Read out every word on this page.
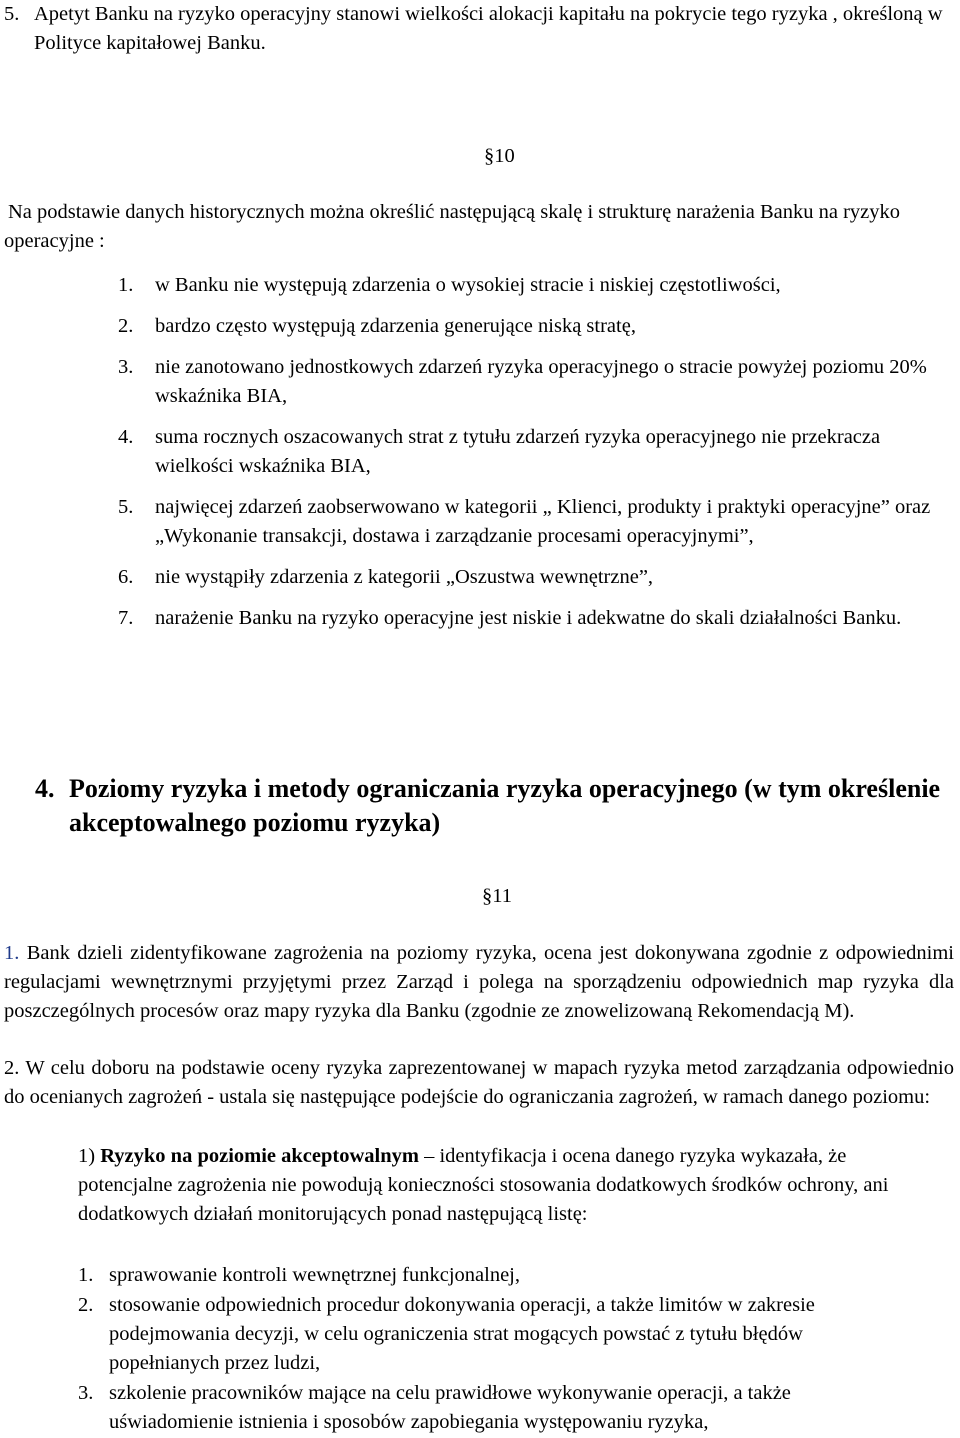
5. Apetyt Banku na ryzyko operacyjny stanowi wielkości alokacji kapitału na pokrycie tego ryzyka , określoną w Polityce kapitałowej Banku.
§10
Na podstawie danych historycznych można określić następującą skalę i strukturę narażenia Banku na ryzyko operacyjne :
1.	w Banku nie występują zdarzenia o wysokiej stracie i niskiej częstotliwości,
2.	bardzo często występują zdarzenia generujące niską stratę,
3.	nie zanotowano jednostkowych zdarzeń ryzyka operacyjnego o stracie powyżej poziomu 20% wskaźnika BIA,
4.	suma rocznych oszacowanych strat z tytułu zdarzeń ryzyka operacyjnego nie przekracza wielkości wskaźnika BIA,
5.	najwięcej zdarzeń zaobserwowano w kategorii „ Klienci, produkty i praktyki operacyjne” oraz „Wykonanie transakcji, dostawa i zarządzanie procesami operacyjnymi”,
6.	nie wystąpiły zdarzenia z kategorii „Oszustwa wewnętrzne”,
7.	narażenie Banku na ryzyko operacyjne jest niskie i adekwatne do skali działalności Banku.
4. Poziomy ryzyka i metody ograniczania ryzyka operacyjnego (w tym określenie akceptowalnego poziomu ryzyka)
§11
1. Bank dzieli zidentyfikowane zagrożenia na poziomy ryzyka, ocena jest dokonywana zgodnie z odpowiednimi regulacjami wewnętrznymi przyjętymi przez Zarząd i polega na sporządzeniu odpowiednich map ryzyka dla poszczególnych procesów oraz mapy ryzyka dla Banku (zgodnie ze znowelizowaną Rekomendacją M).
2. W celu doboru na podstawie oceny ryzyka zaprezentowanej w mapach ryzyka metod zarządzania odpowiednio do ocenianych zagrożeń - ustala się następujące podejście do ograniczania zagrożeń, w ramach danego poziomu:
1) Ryzyko na poziomie akceptowalnym – identyfikacja i ocena danego ryzyka wykazała, że potencjalne zagrożenia nie powodują konieczności stosowania dodatkowych środków ochrony, ani dodatkowych działań monitorujących ponad następującą listę:
1. sprawowanie kontroli wewnętrznej funkcjonalnej,
2. stosowanie odpowiednich procedur dokonywania operacji, a także limitów w zakresie podejmowania decyzji, w celu ograniczenia strat mogących powstać z tytułu błędów popełnianych przez ludzi,
3. szkolenie pracowników mające na celu prawidłowe wykonywanie operacji, a także uświadomienie istnienia i sposobów zapobiegania występowaniu ryzyka,
